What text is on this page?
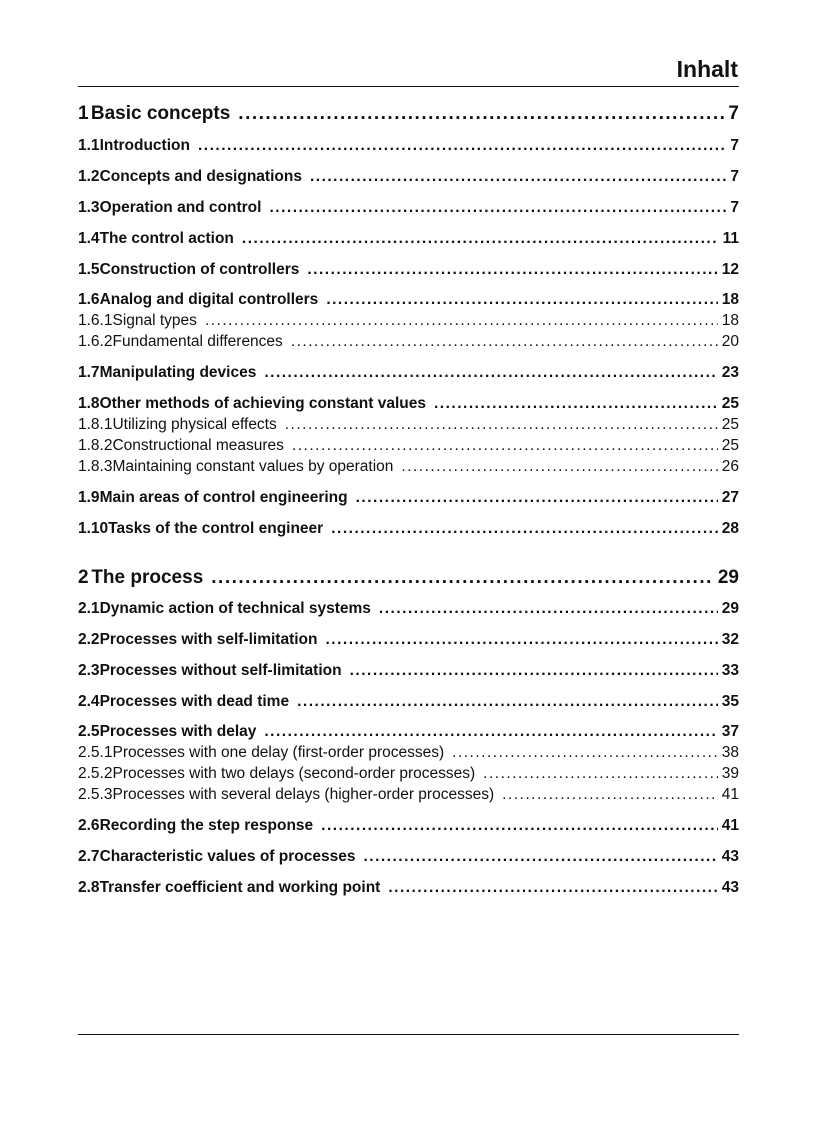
Inhalt
1 Basic concepts .....	7
1.1 Introduction .....	7
1.2 Concepts and designations .....	7
1.3 Operation and control .....	7
1.4 The control action .....	11
1.5 Construction of controllers .....	12
1.6 Analog and digital controllers .....	18
1.6.1 Signal types .....	18
1.6.2 Fundamental differences .....	20
1.7 Manipulating devices .....	23
1.8 Other methods of achieving constant values .....	25
1.8.1 Utilizing physical effects .....	25
1.8.2 Constructional measures .....	25
1.8.3 Maintaining constant values by operation .....	26
1.9 Main areas of control engineering .....	27
1.10 Tasks of the control engineer .....	28
2 The process .....	29
2.1 Dynamic action of technical systems .....	29
2.2 Processes with self-limitation .....	32
2.3 Processes without self-limitation .....	33
2.4 Processes with dead time .....	35
2.5 Processes with delay .....	37
2.5.1 Processes with one delay (first-order processes) .....	38
2.5.2 Processes with two delays (second-order processes) .....	39
2.5.3 Processes with several delays (higher-order processes) .....	41
2.6 Recording the step response .....	41
2.7 Characteristic values of processes .....	43
2.8 Transfer coefficient and working point .....	43
